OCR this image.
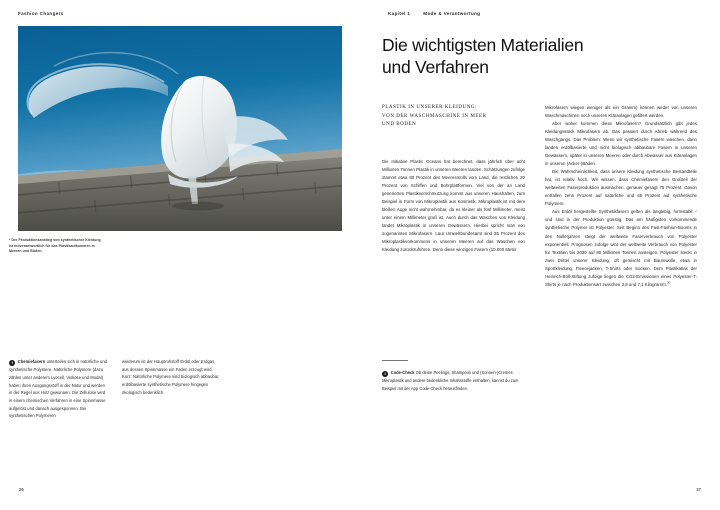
Fashion Changers
* Der Produktionsanstieg von synthetischer Kleidung ist mitverantwortlich für das Plastikaufkommen in Meeren und Böden.
i Chemiefasern unterteilen sich in natürliche und synthetische Polymere. Natürliche Polymere (dazu zählen unter anderem Lyocell, Viskose und Modal) haben ihren Ausgangsstoff in der Natur und werden in der Regel aus Holz gewonnen. Die Zellulose wird in einem chemischen Verfahren in eine Spinnmasse aufgelöst und danach ausgesponnen. Bei synthetischen Polymeren
wiederum ist der Hauptrohstoff Erdöl oder Erdgas, aus dessen Spinnmasse ein Faden erzeugt wird. Kurz: Natürliche Polymere sind biologisch abbaubar, erdölbasierte synthetische Polymere hingegen ökologisch bedenklich.
26
Kapitel 1	Mode & Verantwortung
Die wichtigsten Materialien
und Verfahren
PLASTIK IN UNSERER KLEIDUNG:
VON DER WASCHMASCHINE IN MEER
UND BODEN

Die Initiative Plastic Oceans hat berechnet, dass jährlich über acht Millionen Tonnen Plastik in unseren Meeren landen. Schätzungen zufolge stammt etwa 80 Prozent des Meeresmülls vom Land, die restlichen 20 Prozent von Schiffen und Bohrplattformen. Viel von der an Land generierten Plastikverschmutzung kommt aus unseren Haushalten, zum Beispiel in Form von Mikroplastik aus Kosmetik. Mikroplastik ist mit dem bloßen Auge nicht wahrnehmbar, da es kleiner als fünf Millimeter, meist unter einem Millimeter groß ist. Auch durch das Waschen von Kleidung landet Mikroplastik in unseren Gewässern. Hierbei spricht man von sogenannten Mikrofasern. Laut Umweltbundesamt sind 35 Prozent des Mikroplastikvorkommens in unseren Meeren auf das Waschen von Kleidung zurückzuführen. Denn diese winzigen Fasern (10.000 Meter

Mikrofasern wiegen weniger als ein Gramm) können weder von unseren Waschmaschinen noch unseren Kläranlagen gefiltert werden.

Aber woher kommen diese Mikrofasern? Grundsätzlich gibt jedes Kleidungsstück Mikrofasern ab. Das passiert durch Abrieb während des Waschgangs. Das Problem: Wenn wir synthetische Fasern waschen, dann landen erdölbasierte und nicht biologisch abbaubare Fasern in unseren Gewässern, später in unseren Meeren oder durch Abwasser aus Kläranlagen in unseren (Acker-)Böden.

Die Wahrscheinlichkeit, dass unsere Kleidung synthetische Bestandteile hat, ist relativ hoch. Wir wissen, dass Chemiefasern den Großteil der weltweiten Faserproduktion ausmachen, genauer gesagt 75 Prozent. Davon entfallen zehn Prozent auf natürliche und 65 Prozent auf synthetische Polymere.

Aus Erdöl hergestellte Synthetikfasern gelten als langlebig, formstabil – und sind in der Produktion günstig. Das am häufigsten vorkommende synthetische Polymer ist Polyester. Seit Beginn des Fast-Fashion-Booms in den Nullerjahren steigt der weltweite Faserverbrauch von Polyester exponentiell. Prognosen zufolge wird der weltweite Verbrauch von Polyester für Textilien bis 2030 auf 80 Millionen Tonnen ansteigen. Polyester steckt in zwei Drittel unserer Kleidung, oft gemischt mit Baumwolle, etwa in Sportkleidung, Fleecejacken, T-Shirts oder Socken. Dem Plastikatlas der Heinrich-Böll-Stiftung zufolge liegen die CO2-Emissionen eines Polyester-T-Shirts je nach Produktionsart zwischen 3,8 und 7,1 Kilogramm.$^{30}$

i Code-Check Ob deine Peelings, Shampoos und (Sonnen-)Cremes Mikroplastik und andere bedenkliche Inhaltsstoffe enthalten, kannst du zum Beispiel mit der App Code-Check herausfinden.
27
